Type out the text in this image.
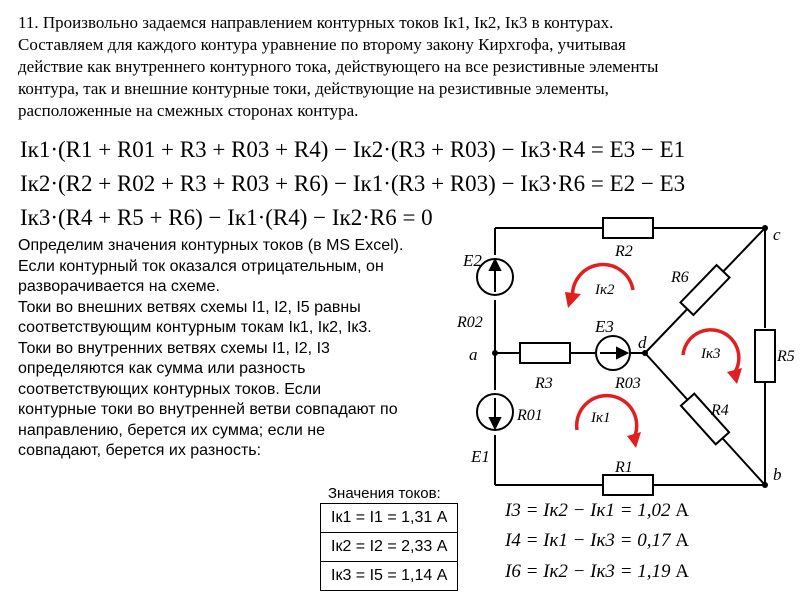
11. Произвольно задаемся направлением контурных токов Iк1, Iк2, Iк3 в контурах.
Составляем для каждого контура уравнение по второму закону Кирхгофа, учитывая
действие как внутреннего контурного тока, действующего на все резистивные элементы
контура, так и внешние контурные токи, действующие на резистивные элементы,
расположенные на смежных сторонах контура.
Iк1·(R1 + R01 + R3 + R03 + R4) − Iк2·(R3 + R03) − Iк3·R4 = E3 − E1
Iк2·(R2 + R02 + R3 + R03 + R6) − Iк1·(R3 + R03) − Iк3·R6 = E2 − E3
Iк3·(R4 + R5 + R6) − Iк1·(R4) − Iк2·R6 = 0
Определим значения контурных токов (в MS Excel).
Если контурный ток оказался отрицательным, он
разворачивается на схеме.
Токи во внешних ветвях схемы I1, I2, I5 равны
соответствующим контурным токам Iк1, Iк2, Iк3.
Токи во внутренних ветвях схемы I1, I2, I3
определяются как сумма или разность
соответствующих контурных токов. Если
контурные токи во внутренней ветви совпадают по
направлению, берется их сумма; если не
совпадают, берется их разность:
E2
R02
a
R01
E1
R2
R1
R3
E3
R03
d
R6
R4
R5
c
b
Iк2
Iк1
Iк3
Значения токов:
Iк1 = I1 = 1,31 А
Iк2 = I2 = 2,33 А
Iк3 = I5 = 1,14 А
I3 = Iк2 − Iк1 = 1,02 А
I4 = Iк1 − Iк3 = 0,17 А
I6 = Iк2 − Iк3 = 1,19 А
